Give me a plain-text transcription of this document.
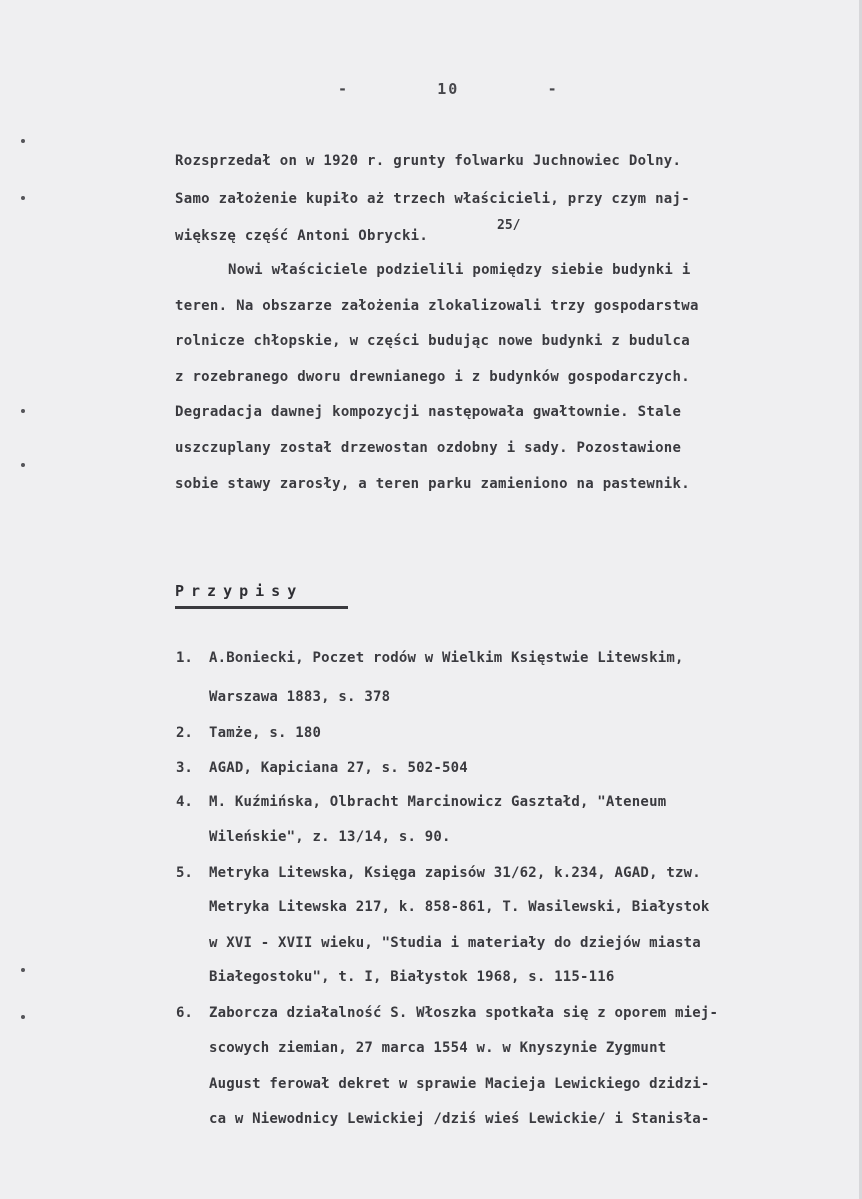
-        10        -
Rozsprzedał on w 1920 r. grunty folwarku Juchnowiec Dolny.
Samo założenie kupiło aż trzech właścicieli, przy czym naj-
większę część Antoni Obrycki.
25/
Nowi właściciele podzielili pomiędzy siebie budynki i
teren. Na obszarze założenia zlokalizowali trzy gospodarstwa
rolnicze chłopskie, w części budując nowe budynki z budulca
z rozebranego dworu drewnianego i z budynków gospodarczych.
Degradacja dawnej kompozycji następowała gwałtownie. Stale
uszczuplany został drzewostan ozdobny i sady. Pozostawione
sobie stawy zarosły, a teren parku zamieniono na pastewnik.
Przypisy
1. A.Boniecki, Poczet rodów w Wielkim Księstwie Litewskim,
Warszawa 1883, s. 378
2. Tamże, s. 180
3. AGAD, Kapiciana 27, s. 502-504
4. M. Kuźmińska, Olbracht Marcinowicz Gaształd, "Ateneum
Wileńskie", z. 13/14, s. 90.
5. Metryka Litewska, Księga zapisów 31/62, k.234, AGAD, tzw.
Metryka Litewska 217, k. 858-861, T. Wasilewski, Białystok
w XVI - XVII wieku, "Studia i materiały do dziejów miasta
Białegostoku", t. I, Białystok 1968, s. 115-116
6. Zaborcza działalność S. Włoszka spotkała się z oporem miej-
scowych ziemian, 27 marca 1554 w. w Knyszynie Zygmunt
August ferował dekret w sprawie Macieja Lewickiego dzidzi-
ca w Niewodnicy Lewickiej /dziś wieś Lewickie/ i Stanisła-
